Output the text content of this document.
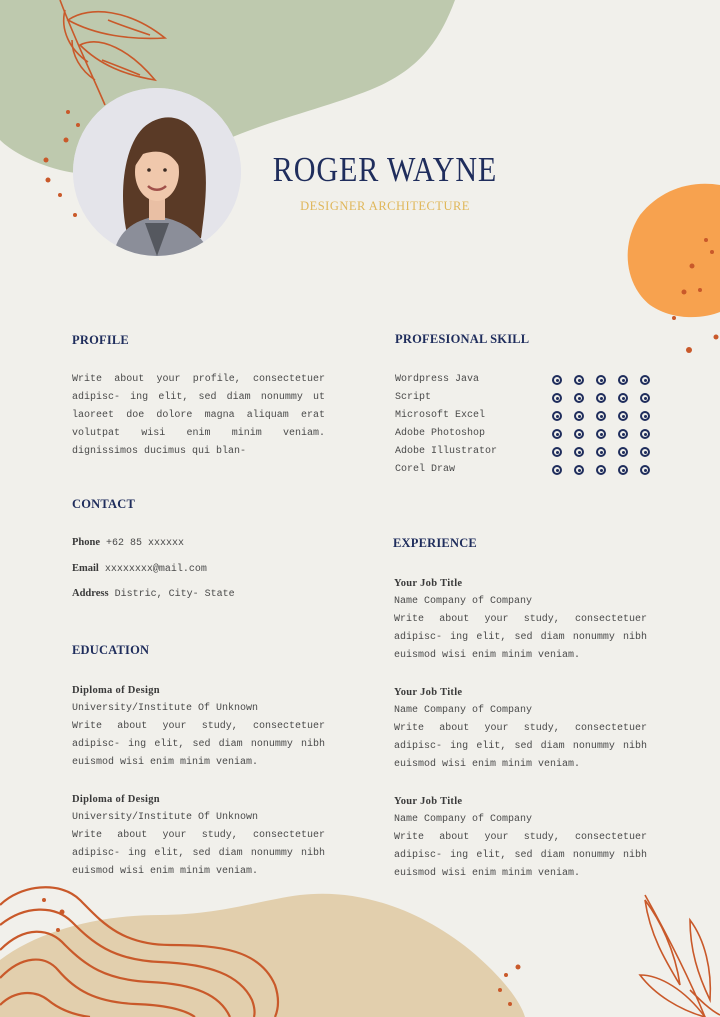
ROGER WAYNE
DESIGNER ARCHITECTURE
PROFILE
Write about your profile, consectetuer adipisc- ing elit, sed diam nonummy ut laoreet doe dolore magna aliquam erat volutpat wisi enim minim veniam. dignissimos ducimus qui blan-
CONTACT
Phone +62 85 xxxxxx
Email xxxxxxxx@mail.com
Address Distric, City- State
EDUCATION
Diploma of Design
University/Institute Of Unknown
Write about your study, consectetuer adipisc- ing elit, sed diam nonummy nibh euismod wisi enim minim veniam.
Diploma of Design
University/Institute Of Unknown
Write about your study, consectetuer adipisc- ing elit, sed diam nonummy nibh euismod wisi enim minim veniam.
PROFESIONAL SKILL
Wordpress Java
Script
Microsoft Excel
Adobe Photoshop
Adobe Illustrator
Corel Draw
EXPERIENCE
Your Job Title
Name Company of Company
Write about your study, consectetuer adipisc- ing elit, sed diam nonummy nibh euismod wisi enim minim veniam.
Your Job Title
Name Company of Company
Write about your study, consectetuer adipisc- ing elit, sed diam nonummy nibh euismod wisi enim minim veniam.
Your Job Title
Name Company of Company
Write about your study, consectetuer adipisc- ing elit, sed diam nonummy nibh euismod wisi enim minim veniam.
